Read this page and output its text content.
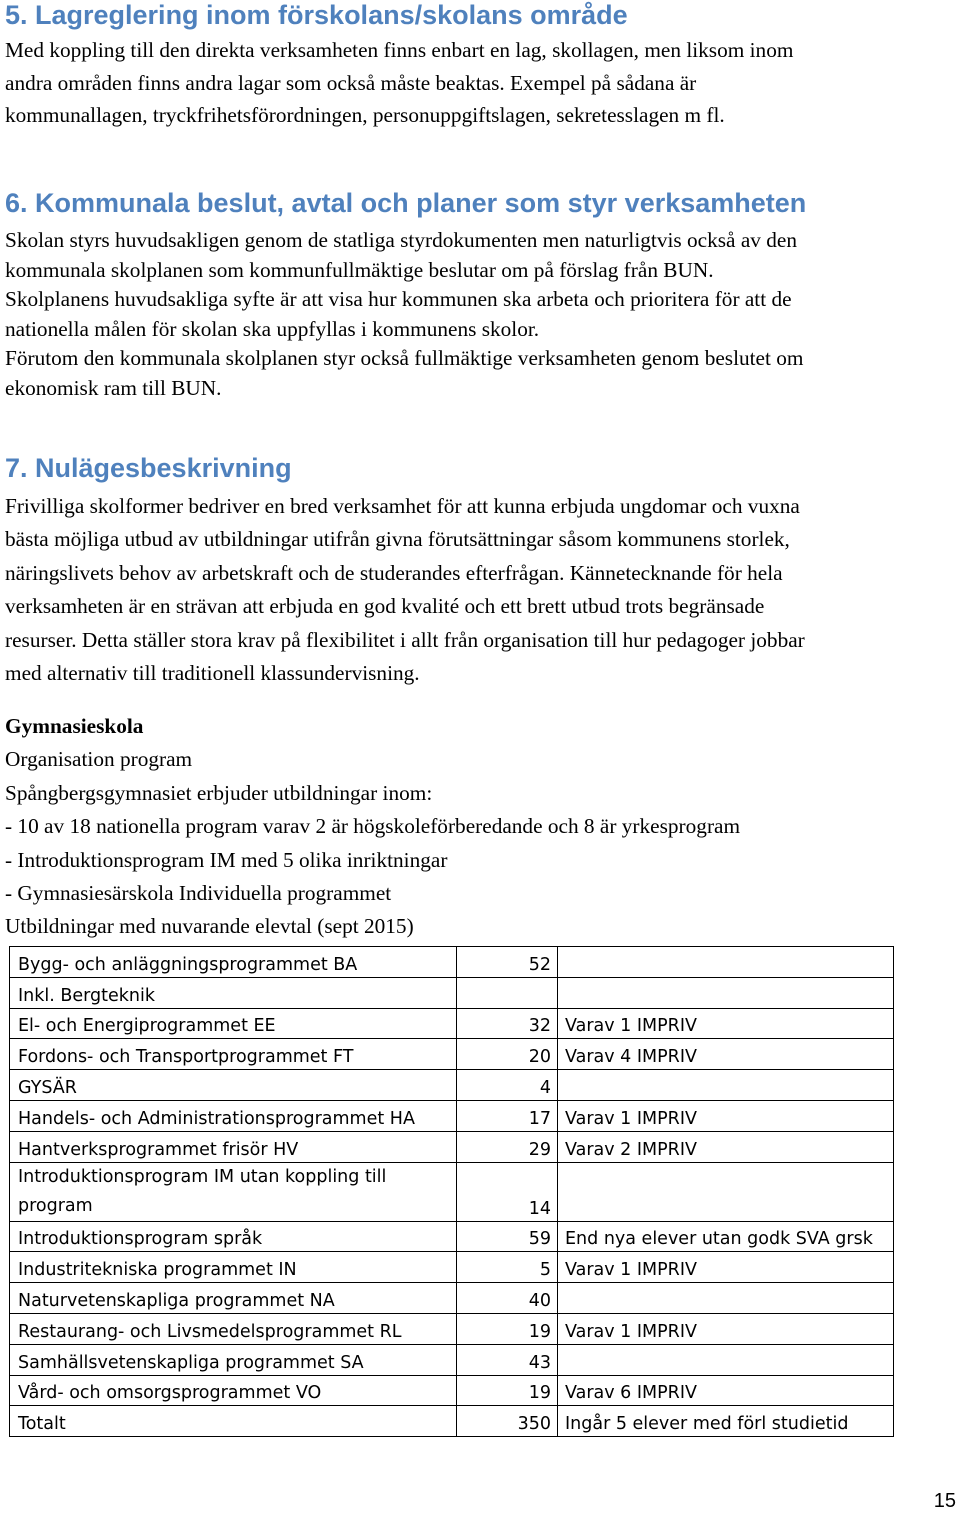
5. Lagreglering inom förskolans/skolans område
Med koppling till den direkta verksamheten finns enbart en lag, skollagen, men liksom inom
andra områden finns andra lagar som också måste beaktas. Exempel på sådana är
kommunallagen, tryckfrihetsförordningen, personuppgiftslagen, sekretesslagen m fl.
6. Kommunala beslut, avtal och planer som styr verksamheten
Skolan styrs huvudsakligen genom de statliga styrdokumenten men naturligtvis också av den
kommunala skolplanen som kommunfullmäktige beslutar om på förslag från BUN.
Skolplanens huvudsakliga syfte är att visa hur kommunen ska arbeta och prioritera för att de
nationella målen för skolan ska uppfyllas i kommunens skolor.
Förutom den kommunala skolplanen styr också fullmäktige verksamheten genom beslutet om
ekonomisk ram till BUN.
7. Nulägesbeskrivning
Frivilliga skolformer bedriver en bred verksamhet för att kunna erbjuda ungdomar och vuxna
bästa möjliga utbud av utbildningar utifrån givna förutsättningar såsom kommunens storlek,
näringslivets behov av arbetskraft och de studerandes efterfrågan. Kännetecknande för hela
verksamheten är en strävan att erbjuda en god kvalité och ett brett utbud trots begränsade
resurser. Detta ställer stora krav på flexibilitet i allt från organisation till hur pedagoger jobbar
med alternativ till traditionell klassundervisning.
Gymnasieskola
Organisation program
Spångbergsgymnasiet erbjuder utbildningar inom:
- 10 av 18 nationella program varav 2 är högskoleförberedande och 8 är yrkesprogram
- Introduktionsprogram IM med 5 olika inriktningar
- Gymnasiesärskola Individuella programmet
Utbildningar med nuvarande elevtal (sept 2015)
Bygg- och anläggningsprogrammet BA	52	
Inkl. Bergteknik		
El- och Energiprogrammet EE	32	Varav 1 IMPRIV
Fordons- och Transportprogrammet FT	20	Varav 4 IMPRIV
GYSÄR	4	
Handels- och Administrationsprogrammet HA	17	Varav 1 IMPRIV
Hantverksprogrammet frisör HV	29	Varav 2 IMPRIV

Introduktionsprogram IM utan koppling till program	14	
Introduktionsprogram språk	59	End nya elever utan godk SVA grsk
Industritekniska programmet IN	5	Varav 1 IMPRIV
Naturvetenskapliga programmet NA	40	
Restaurang- och Livsmedelsprogrammet RL	19	Varav 1 IMPRIV
Samhällsvetenskapliga programmet SA	43	
Vård- och omsorgsprogrammet VO	19	Varav 6 IMPRIV
Totalt	350	Ingår 5 elever med förl studietid
15
